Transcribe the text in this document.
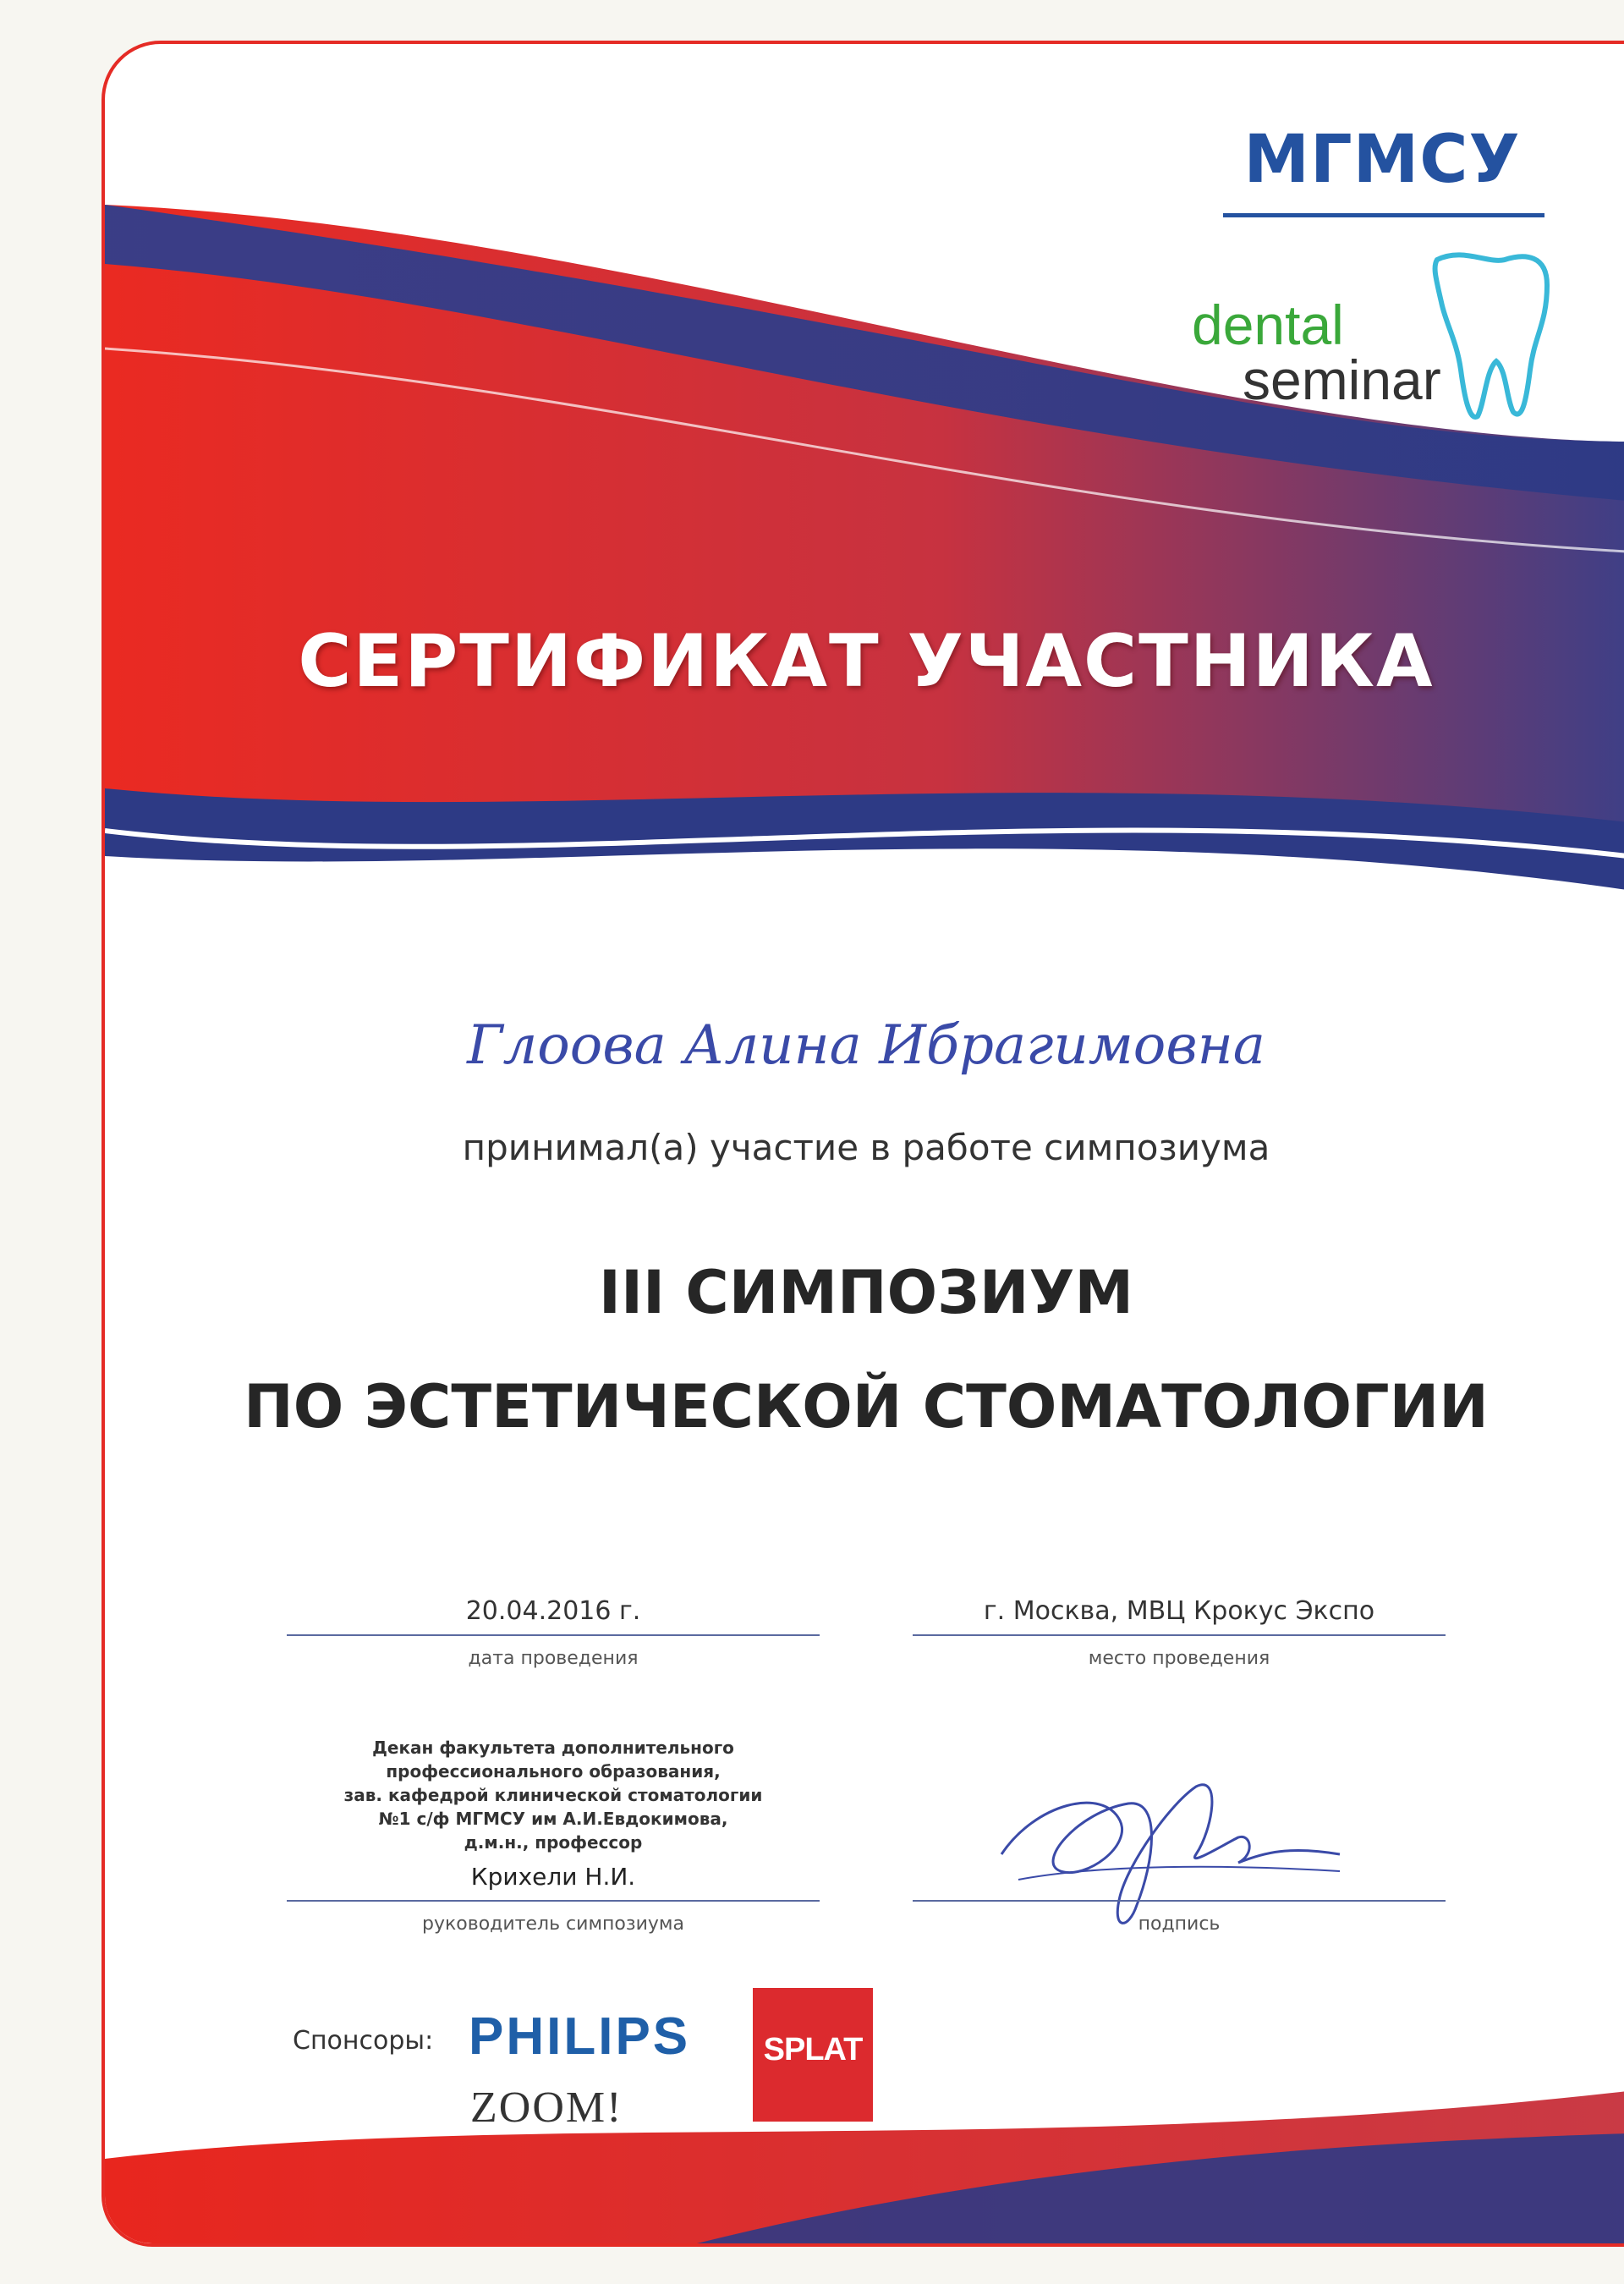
МГМСУ
dental
seminar
СЕРТИФИКАТ УЧАСТНИКА
Глоова Алина Ибрагимовна
принимал(а) участие в работе симпозиума
III СИМПОЗИУМ
ПО ЭСТЕТИЧЕСКОЙ СТОМАТОЛОГИИ
20.04.2016 г.
дата проведения
г. Москва, МВЦ Крокус Экспо
место проведения
Декан факультета дополнительного
профессионального образования,
зав. кафедрой клинической стоматологии
№1 с/ф МГМСУ им А.И.Евдокимова,
д.м.н., профессор
Крихели Н.И.
руководитель симпозиума	подпись
Спонсоры: PHILIPS
ZOOM!
SPLAT
